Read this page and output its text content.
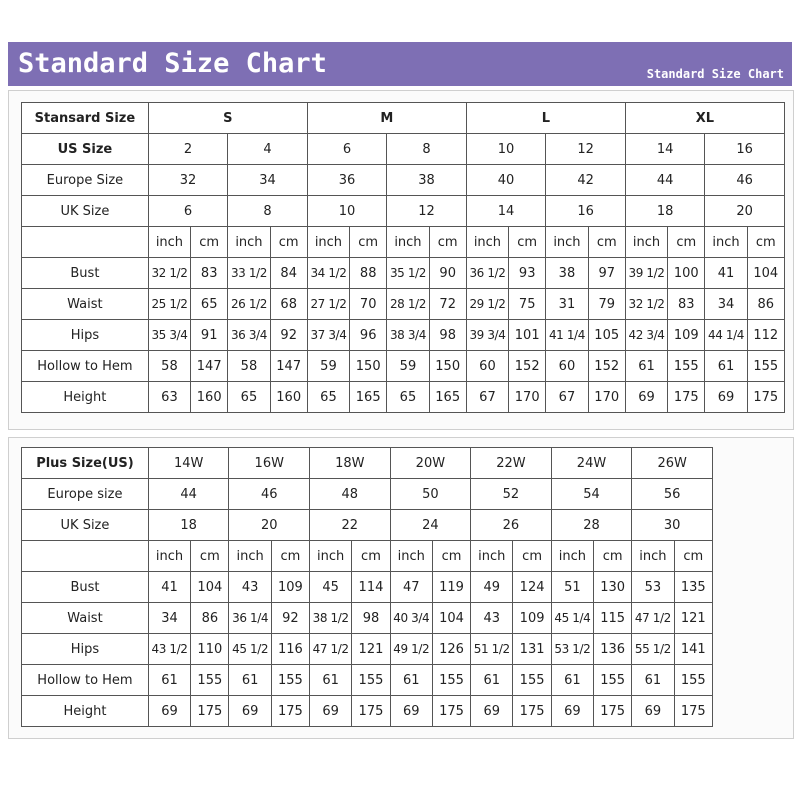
Standard Size Chart	Standard Size Chart
Stansard Size	S				M				L				XL			
US Size	2		4		6		8		10		12		14		16	
Europe Size	32		34		36		38		40		42		44		46	
UK Size	6		8		10		12		14		16		18		20	
	inch	cm	inch	cm	inch	cm	inch	cm	inch	cm	inch	cm	inch	cm	inch	cm
Bust	32 1/2	83	33 1/2	84	34 1/2	88	35 1/2	90	36 1/2	93	38	97	39 1/2	100	41	104
Waist	25 1/2	65	26 1/2	68	27 1/2	70	28 1/2	72	29 1/2	75	31	79	32 1/2	83	34	86
Hips	35 3/4	91	36 3/4	92	37 3/4	96	38 3/4	98	39 3/4	101	41 1/4	105	42 3/4	109	44 1/4	112
Hollow to Hem	58	147	58	147	59	150	59	150	60	152	60	152	61	155	61	155
Height	63	160	65	160	65	165	65	165	67	170	67	170	69	175	69	175
Plus Size(US)	14W		16W		18W		20W		22W		24W		26W	
Europe size	44		46		48		50		52		54		56	
UK Size	18		20		22		24		26		28		30	
	inch	cm	inch	cm	inch	cm	inch	cm	inch	cm	inch	cm	inch	cm
Bust	41	104	43	109	45	114	47	119	49	124	51	130	53	135
Waist	34	86	36 1/4	92	38 1/2	98	40 3/4	104	43	109	45 1/4	115	47 1/2	121
Hips	43 1/2	110	45 1/2	116	47 1/2	121	49 1/2	126	51 1/2	131	53 1/2	136	55 1/2	141
Hollow to Hem	61	155	61	155	61	155	61	155	61	155	61	155	61	155
Height	69	175	69	175	69	175	69	175	69	175	69	175	69	175
